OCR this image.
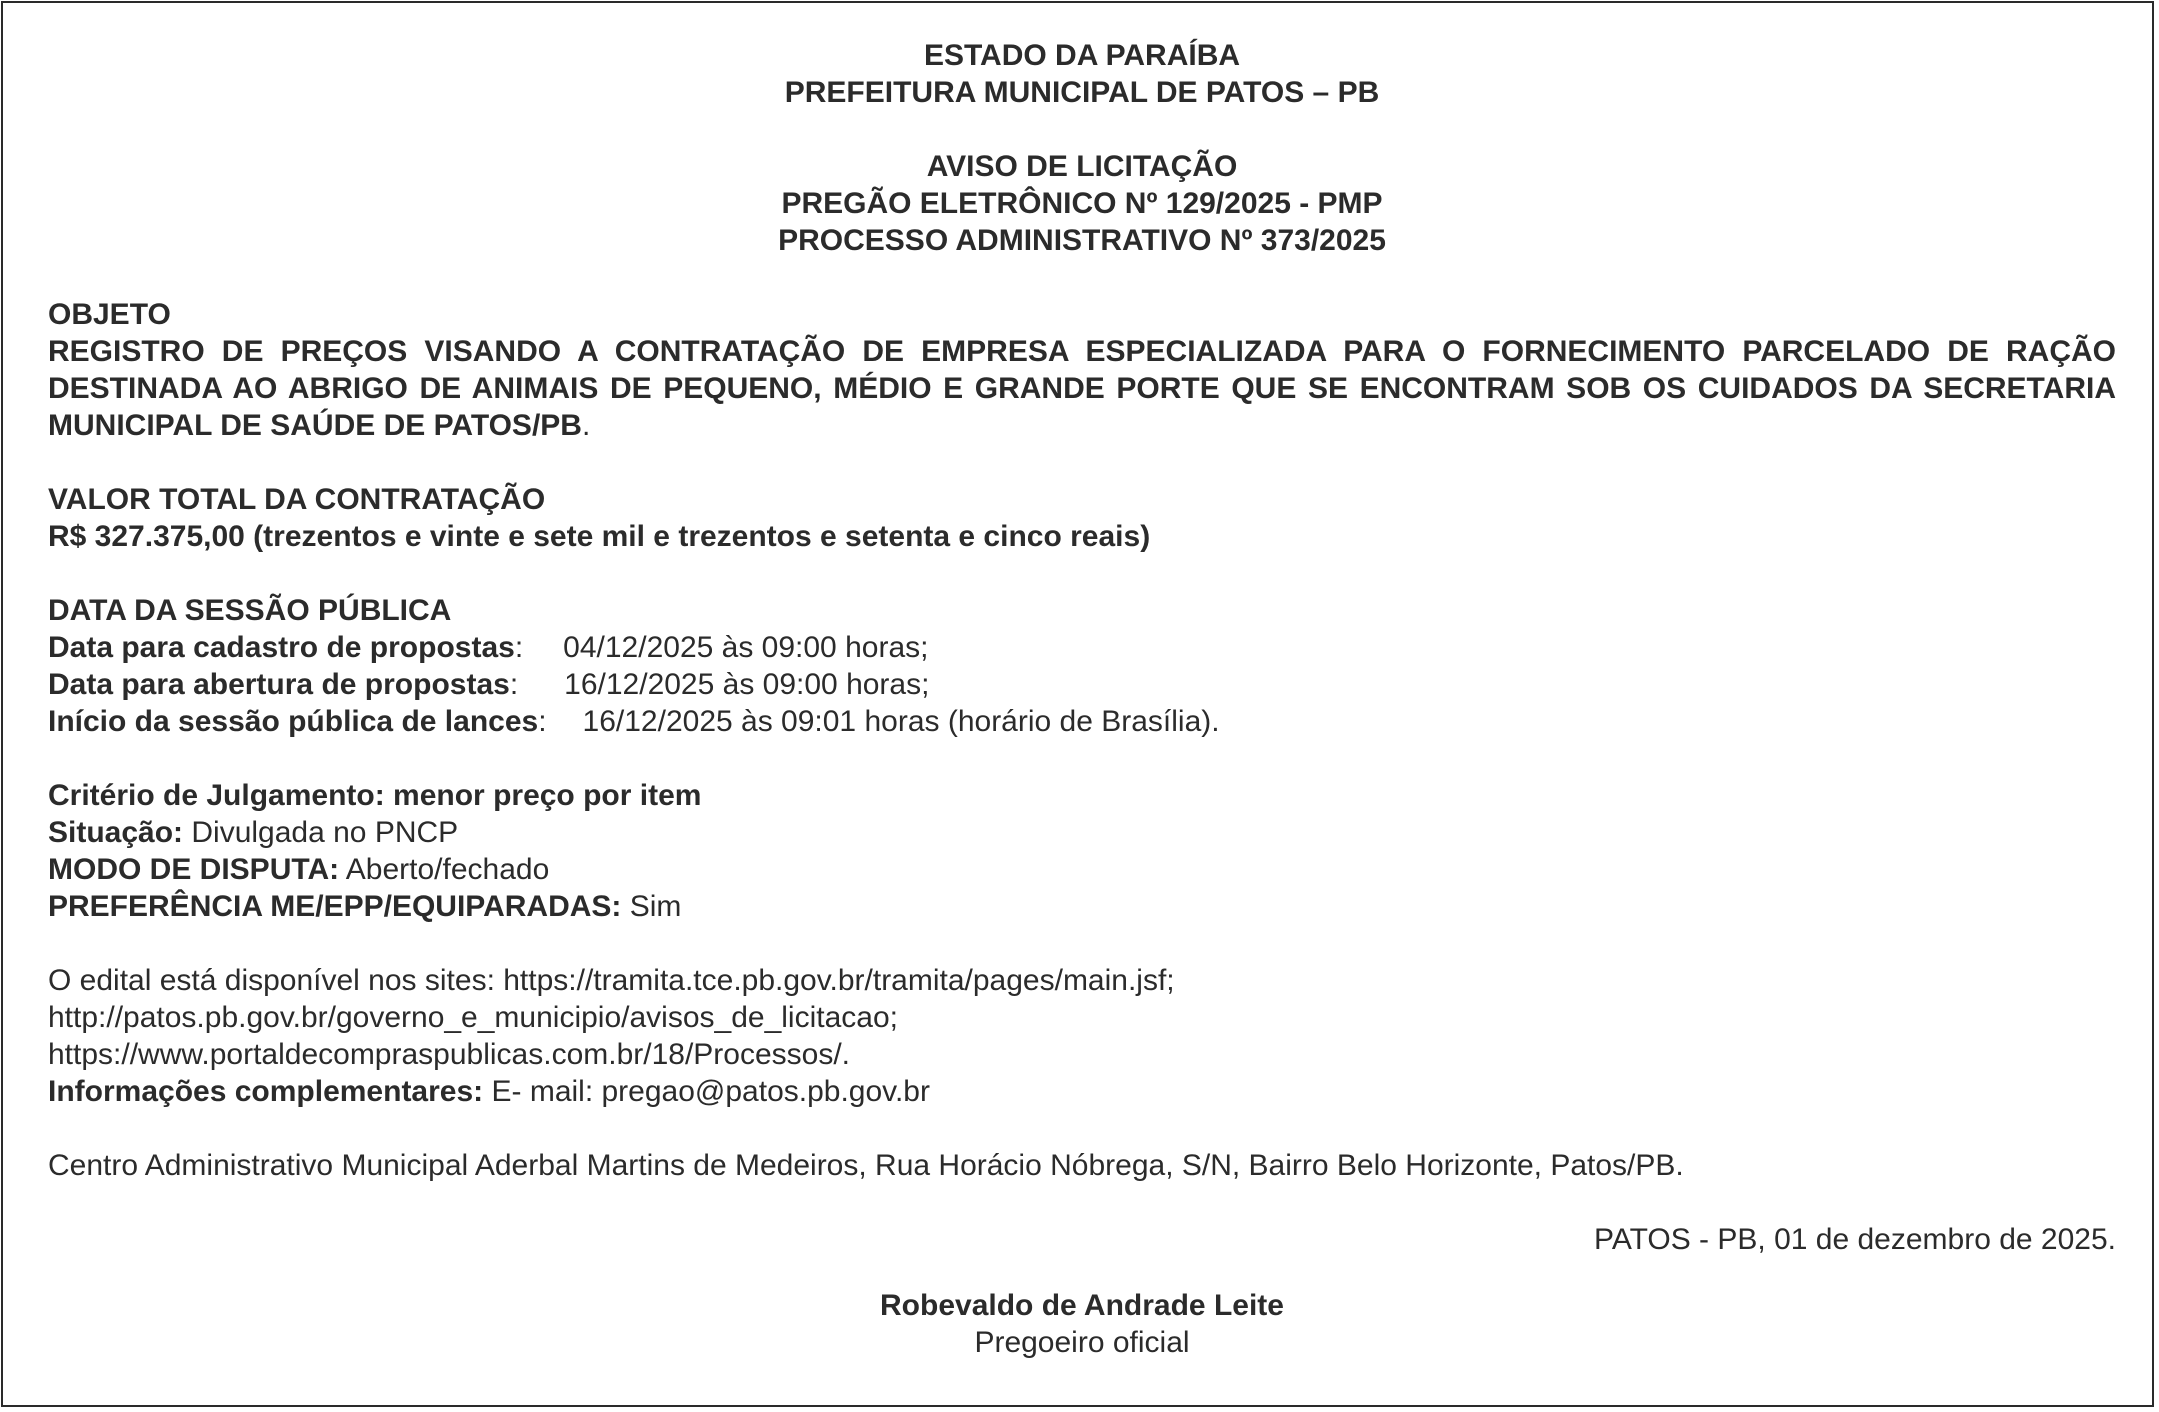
ESTADO DA PARAÍBA
PREFEITURA MUNICIPAL DE PATOS – PB
AVISO DE LICITAÇÃO
PREGÃO ELETRÔNICO Nº 129/2025 - PMP
PROCESSO ADMINISTRATIVO Nº 373/2025
OBJETO
REGISTRO DE PREÇOS VISANDO A CONTRATAÇÃO DE EMPRESA ESPECIALIZADA PARA O FORNECIMENTO PARCELADO DE RAÇÃO DESTINADA AO ABRIGO DE ANIMAIS DE PEQUENO, MÉDIO E GRANDE PORTE QUE SE ENCONTRAM SOB OS CUIDADOS DA SECRETARIA MUNICIPAL DE SAÚDE DE PATOS/PB.
VALOR TOTAL DA CONTRATAÇÃO
R$ 327.375,00 (trezentos e vinte e sete mil e trezentos e setenta e cinco reais)
DATA DA SESSÃO PÚBLICA
Data para cadastro de propostas: 04/12/2025 às 09:00 horas;
Data para abertura de propostas: 16/12/2025 às 09:00 horas;
Início da sessão pública de lances: 16/12/2025 às 09:01 horas (horário de Brasília).
Critério de Julgamento: menor preço por item
Situação: Divulgada no PNCP
MODO DE DISPUTA: Aberto/fechado
PREFERÊNCIA ME/EPP/EQUIPARADAS: Sim
O edital está disponível nos sites: https://tramita.tce.pb.gov.br/tramita/pages/main.jsf;
http://patos.pb.gov.br/governo_e_municipio/avisos_de_licitacao;
https://www.portaldecompraspublicas.com.br/18/Processos/.
Informações complementares: E- mail: pregao@patos.pb.gov.br
Centro Administrativo Municipal Aderbal Martins de Medeiros, Rua Horácio Nóbrega, S/N, Bairro Belo Horizonte, Patos/PB.
PATOS - PB, 01 de dezembro de 2025.
Robevaldo de Andrade Leite
Pregoeiro oficial
